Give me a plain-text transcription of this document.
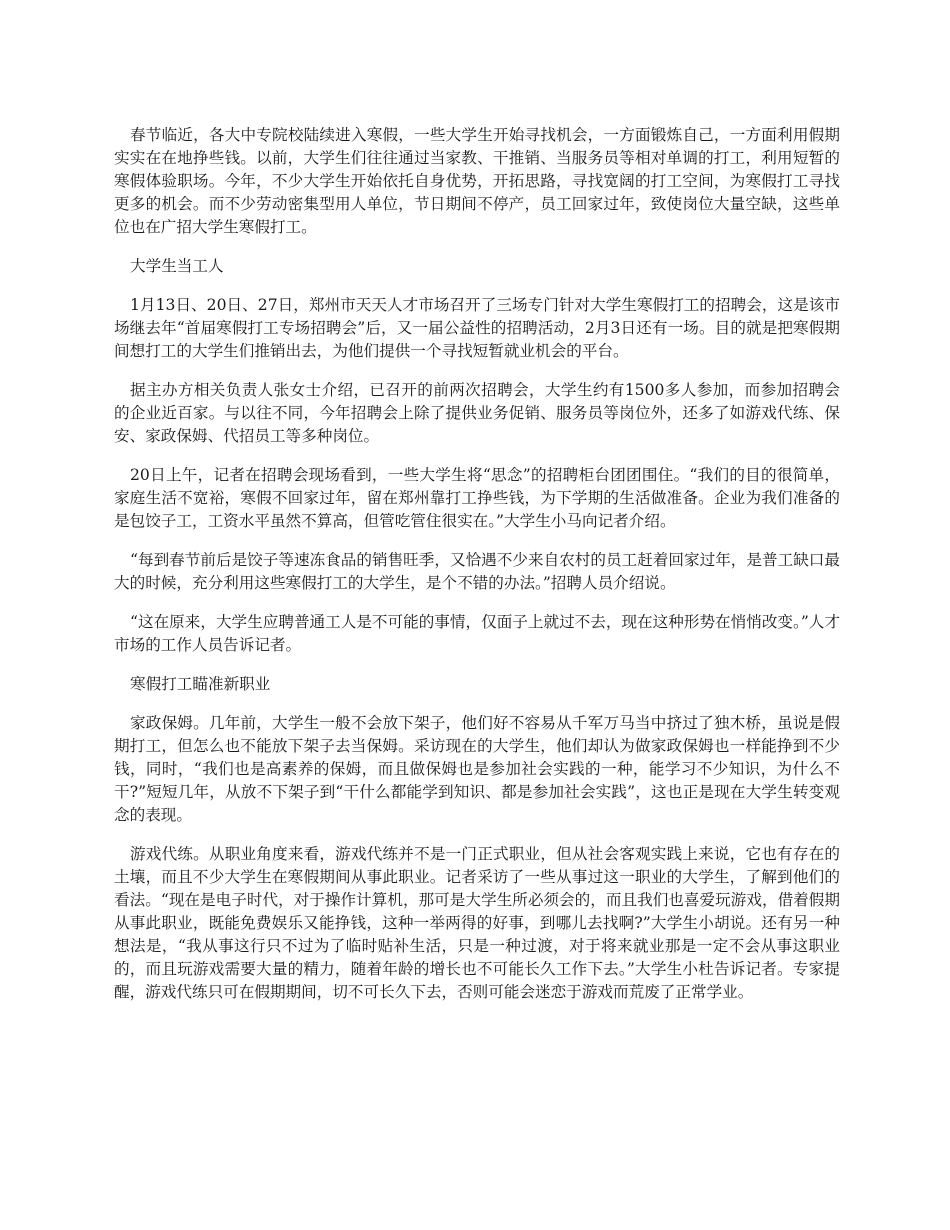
春节临近，各大中专院校陆续进入寒假，一些大学生开始寻找机会，一方面锻炼自己，一方面利用假期实实在在地挣些钱。以前，大学生们往往通过当家教、干推销、当服务员等相对单调的打工，利用短暂的寒假体验职场。今年，不少大学生开始依托自身优势，开拓思路，寻找宽阔的打工空间，为寒假打工寻找更多的机会。而不少劳动密集型用人单位，节日期间不停产，员工回家过年，致使岗位大量空缺，这些单位也在广招大学生寒假打工。

大学生当工人

1月13日、20日、27日，郑州市天天人才市场召开了三场专门针对大学生寒假打工的招聘会，这是该市场继去年“首届寒假打工专场招聘会”后，又一届公益性的招聘活动，2月3日还有一场。目的就是把寒假期间想打工的大学生们推销出去，为他们提供一个寻找短暂就业机会的平台。

据主办方相关负责人张女士介绍，已召开的前两次招聘会，大学生约有1500多人参加，而参加招聘会的企业近百家。与以往不同，今年招聘会上除了提供业务促销、服务员等岗位外，还多了如游戏代练、保安、家政保姆、代招员工等多种岗位。

20日上午，记者在招聘会现场看到，一些大学生将“思念”的招聘柜台团团围住。“我们的目的很简单，家庭生活不宽裕，寒假不回家过年，留在郑州靠打工挣些钱，为下学期的生活做准备。企业为我们准备的是包饺子工，工资水平虽然不算高，但管吃管住很实在。”大学生小马向记者介绍。

“每到春节前后是饺子等速冻食品的销售旺季，又恰遇不少来自农村的员工赶着回家过年，是普工缺口最大的时候，充分利用这些寒假打工的大学生，是个不错的办法。”招聘人员介绍说。

“这在原来，大学生应聘普通工人是不可能的事情，仅面子上就过不去，现在这种形势在悄悄改变。”人才市场的工作人员告诉记者。

寒假打工瞄准新职业

家政保姆。几年前，大学生一般不会放下架子，他们好不容易从千军万马当中挤过了独木桥，虽说是假期打工，但怎么也不能放下架子去当保姆。采访现在的大学生，他们却认为做家政保姆也一样能挣到不少钱，同时，“我们也是高素养的保姆，而且做保姆也是参加社会实践的一种，能学习不少知识，为什么不干?”短短几年，从放不下架子到“干什么都能学到知识、都是参加社会实践”，这也正是现在大学生转变观念的表现。

游戏代练。从职业角度来看，游戏代练并不是一门正式职业，但从社会客观实践上来说，它也有存在的土壤，而且不少大学生在寒假期间从事此职业。记者采访了一些从事过这一职业的大学生，了解到他们的看法。“现在是电子时代，对于操作计算机，那可是大学生所必须会的，而且我们也喜爱玩游戏，借着假期从事此职业，既能免费娱乐又能挣钱，这种一举两得的好事，到哪儿去找啊?”大学生小胡说。还有另一种想法是，“我从事这行只不过为了临时贴补生活，只是一种过渡，对于将来就业那是一定不会从事这职业的，而且玩游戏需要大量的精力，随着年龄的增长也不可能长久工作下去。”大学生小杜告诉记者。专家提醒，游戏代练只可在假期期间，切不可长久下去，否则可能会迷恋于游戏而荒废了正常学业。
